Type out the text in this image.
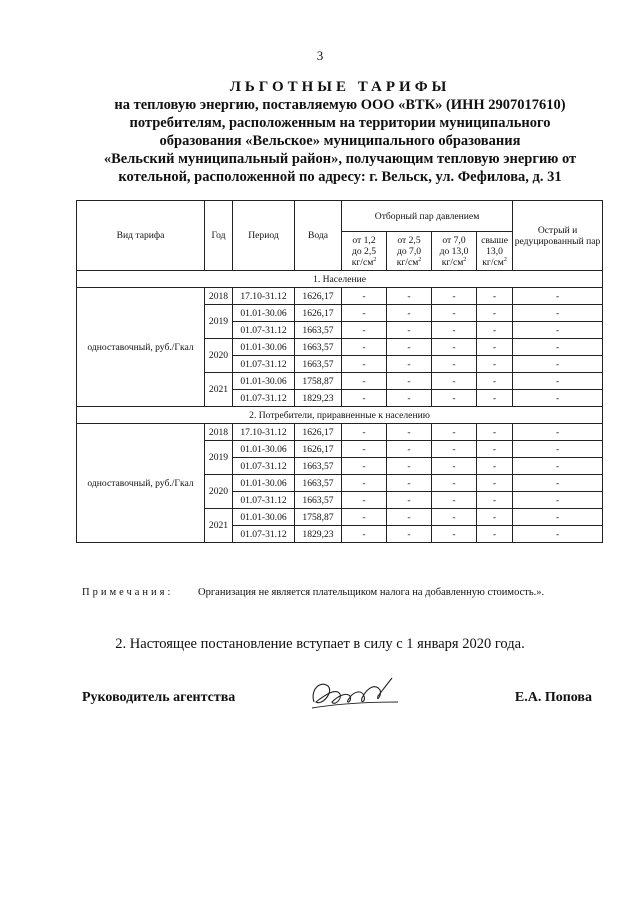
3
ЛЬГОТНЫЕ ТАРИФЫ
на тепловую энергию, поставляемую ООО «ВТК» (ИНН 2907017610)
потребителям, расположенным на территории муниципального
образования «Вельское» муниципального образования
«Вельский муниципальный район», получающим тепловую энергию от
котельной, расположенной по адресу: г. Вельск, ул. Фефилова, д. 31
Вид тарифа	Год	Период	Вода	Отборный пар давлением				Острый и редуцированный пар
				от 1,2
до 2,5
$кг/см^2$	от 2,5
до 7,0
$кг/см^2$	от 7,0
до 13,0
$кг/см^2$	свыше
13,0
$кг/см^2$
1. Население								
одноставочный, руб./Гкал	2018	17.10-31.12	1626,17	-	-	-	-	-
	2019	01.01-30.06	1626,17	-	-	-	-	-
		01.07-31.12	1663,57	-	-	-	-	-
	2020	01.01-30.06	1663,57	-	-	-	-	-
		01.07-31.12	1663,57	-	-	-	-	-
	2021	01.01-30.06	1758,87	-	-	-	-	-
		01.07-31.12	1829,23	-	-	-	-	-
2. Потребители, приравненные к населению								
одноставочный, руб./Гкал	2018	17.10-31.12	1626,17	-	-	-	-	-
	2019	01.01-30.06	1626,17	-	-	-	-	-
		01.07-31.12	1663,57	-	-	-	-	-
	2020	01.01-30.06	1663,57	-	-	-	-	-
		01.07-31.12	1663,57	-	-	-	-	-
	2021	01.01-30.06	1758,87	-	-	-	-	-
		01.07-31.12	1829,23	-	-	-	-	-
Примечания: Организация не является плательщиком налога на добавленную стоимость.».
2. Настоящее постановление вступает в силу с 1 января 2020 года.
Руководитель агентства	Е.А. Попова
